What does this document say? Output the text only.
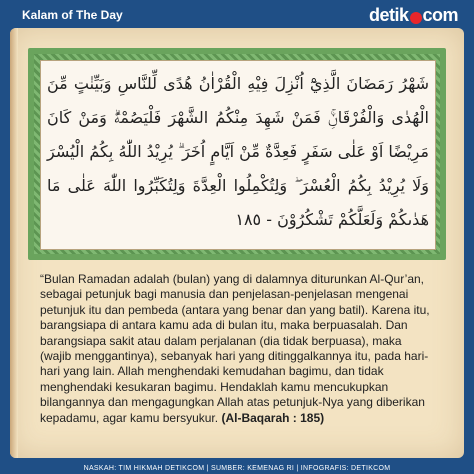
Kalam of The Day	detik com
شَهْرُ رَمَضَانَ الَّذِيْٓ اُنْزِلَ فِيْهِ الْقُرْاٰنُ هُدًى لِّلنَّاسِ وَبَيِّنٰتٍ مِّنَ الْهُدٰى وَالْفُرْقَانِۚ فَمَنْ شَهِدَ مِنْكُمُ الشَّهْرَ فَلْيَصُمْهُۗ وَمَنْ كَانَ مَرِيْضًا اَوْ عَلٰى سَفَرٍ فَعِدَّةٌ مِّنْ اَيَّامٍ اُخَرَ ۗ يُرِيْدُ اللّٰهُ بِكُمُ الْيُسْرَ وَلَا يُرِيْدُ بِكُمُ الْعُسْرَ ۖ وَلِتُكْمِلُوا الْعِدَّةَ وَلِتُكَبِّرُوا اللّٰهَ عَلٰى مَا هَدٰىكُمْ وَلَعَلَّكُمْ تَشْكُرُوْنَ - ١٨٥
“Bulan Ramadan adalah (bulan) yang di dalamnya diturunkan Al-Qur’an, sebagai petunjuk bagi manusia dan penjelasan-penjelasan mengenai petunjuk itu dan pembeda (antara yang benar dan yang batil). Karena itu, barangsiapa di antara kamu ada di bulan itu, maka berpuasalah. Dan barangsiapa sakit atau dalam perjalanan (dia tidak berpuasa), maka (wajib menggantinya), sebanyak hari yang ditinggalkannya itu, pada hari-hari yang lain. Allah menghendaki kemudahan bagimu, dan tidak menghendaki kesukaran bagimu. Hendaklah kamu mencukupkan bilangannya dan mengagungkan Allah atas petunjuk-Nya yang diberikan kepadamu, agar kamu bersyukur. (Al-Baqarah : 185)
NASKAH: TIM HIKMAH DETIKCOM | SUMBER: KEMENAG RI | INFOGRAFIS: DETIKCOM
